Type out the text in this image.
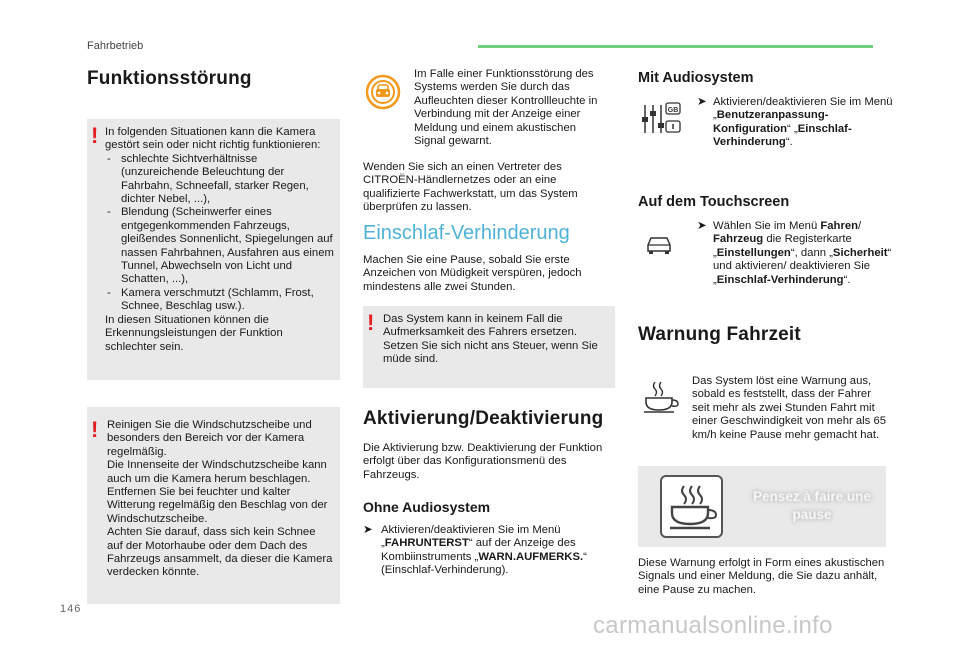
Fahrbetrieb
Funktionsstörung
! In folgenden Situationen kann die Kamera gestört sein oder nicht richtig funktionieren:
- schlechte Sichtverhältnisse (unzureichende Beleuchtung der Fahrbahn, Schneefall, starker Regen, dichter Nebel, ...),
- Blendung (Scheinwerfer eines entgegenkommenden Fahrzeugs, gleißendes Sonnenlicht, Spiegelungen auf nassen Fahrbahnen, Ausfahren aus einem Tunnel, Abwechseln von Licht und Schatten, ...),
- Kamera verschmutzt (Schlamm, Frost, Schnee, Beschlag usw.).
In diesen Situationen können die Erkennungsleistungen der Funktion schlechter sein.
! Reinigen Sie die Windschutzscheibe und besonders den Bereich vor der Kamera regelmäßig.
Die Innenseite der Windschutzscheibe kann auch um die Kamera herum beschlagen. Entfernen Sie bei feuchter und kalter Witterung regelmäßig den Beschlag von der Windschutzscheibe.
Achten Sie darauf, dass sich kein Schnee auf der Motorhaube oder dem Dach des Fahrzeugs ansammelt, da dieser die Kamera verdecken könnte.
Im Falle einer Funktionsstörung des Systems werden Sie durch das Aufleuchten dieser Kontrollleuchte in Verbindung mit der Anzeige einer Meldung und einem akustischen Signal gewarnt.
Wenden Sie sich an einen Vertreter des CITROËN-Händlernetzes oder an eine qualifizierte Fachwerkstatt, um das System überprüfen zu lassen.
Einschlaf-Verhinderung
Machen Sie eine Pause, sobald Sie erste Anzeichen von Müdigkeit verspüren, jedoch mindestens alle zwei Stunden.
! Das System kann in keinem Fall die Aufmerksamkeit des Fahrers ersetzen. Setzen Sie sich nicht ans Steuer, wenn Sie müde sind.
Aktivierung/Deaktivierung
Die Aktivierung bzw. Deaktivierung der Funktion erfolgt über das Konfigurationsmenü des Fahrzeugs.
Ohne Audiosystem
➤ Aktivieren/deaktivieren Sie im Menü „FAHRUNTERST“ auf der Anzeige des Kombiinstruments „WARN.AUFMERKS.“ (Einschlaf-Verhinderung).
Mit Audiosystem
GB
➤ Aktivieren/deaktivieren Sie im Menü „Benutzeranpassung-Konfiguration“ „Einschlaf-Verhinderung“.
Auf dem Touchscreen
➤ Wählen Sie im Menü Fahren/ Fahrzeug die Registerkarte „Einstellungen“, dann „Sicherheit“ und aktivieren/ deaktivieren Sie „Einschlaf-Verhinderung“.
Warnung Fahrzeit
Das System löst eine Warnung aus, sobald es feststellt, dass der Fahrer seit mehr als zwei Stunden Fahrt mit einer Geschwindigkeit von mehr als 65 km/h keine Pause mehr gemacht hat.
Pensez à faire une pause
Diese Warnung erfolgt in Form eines akustischen Signals und einer Meldung, die Sie dazu anhält, eine Pause zu machen.
146
carmanualsonline.info
